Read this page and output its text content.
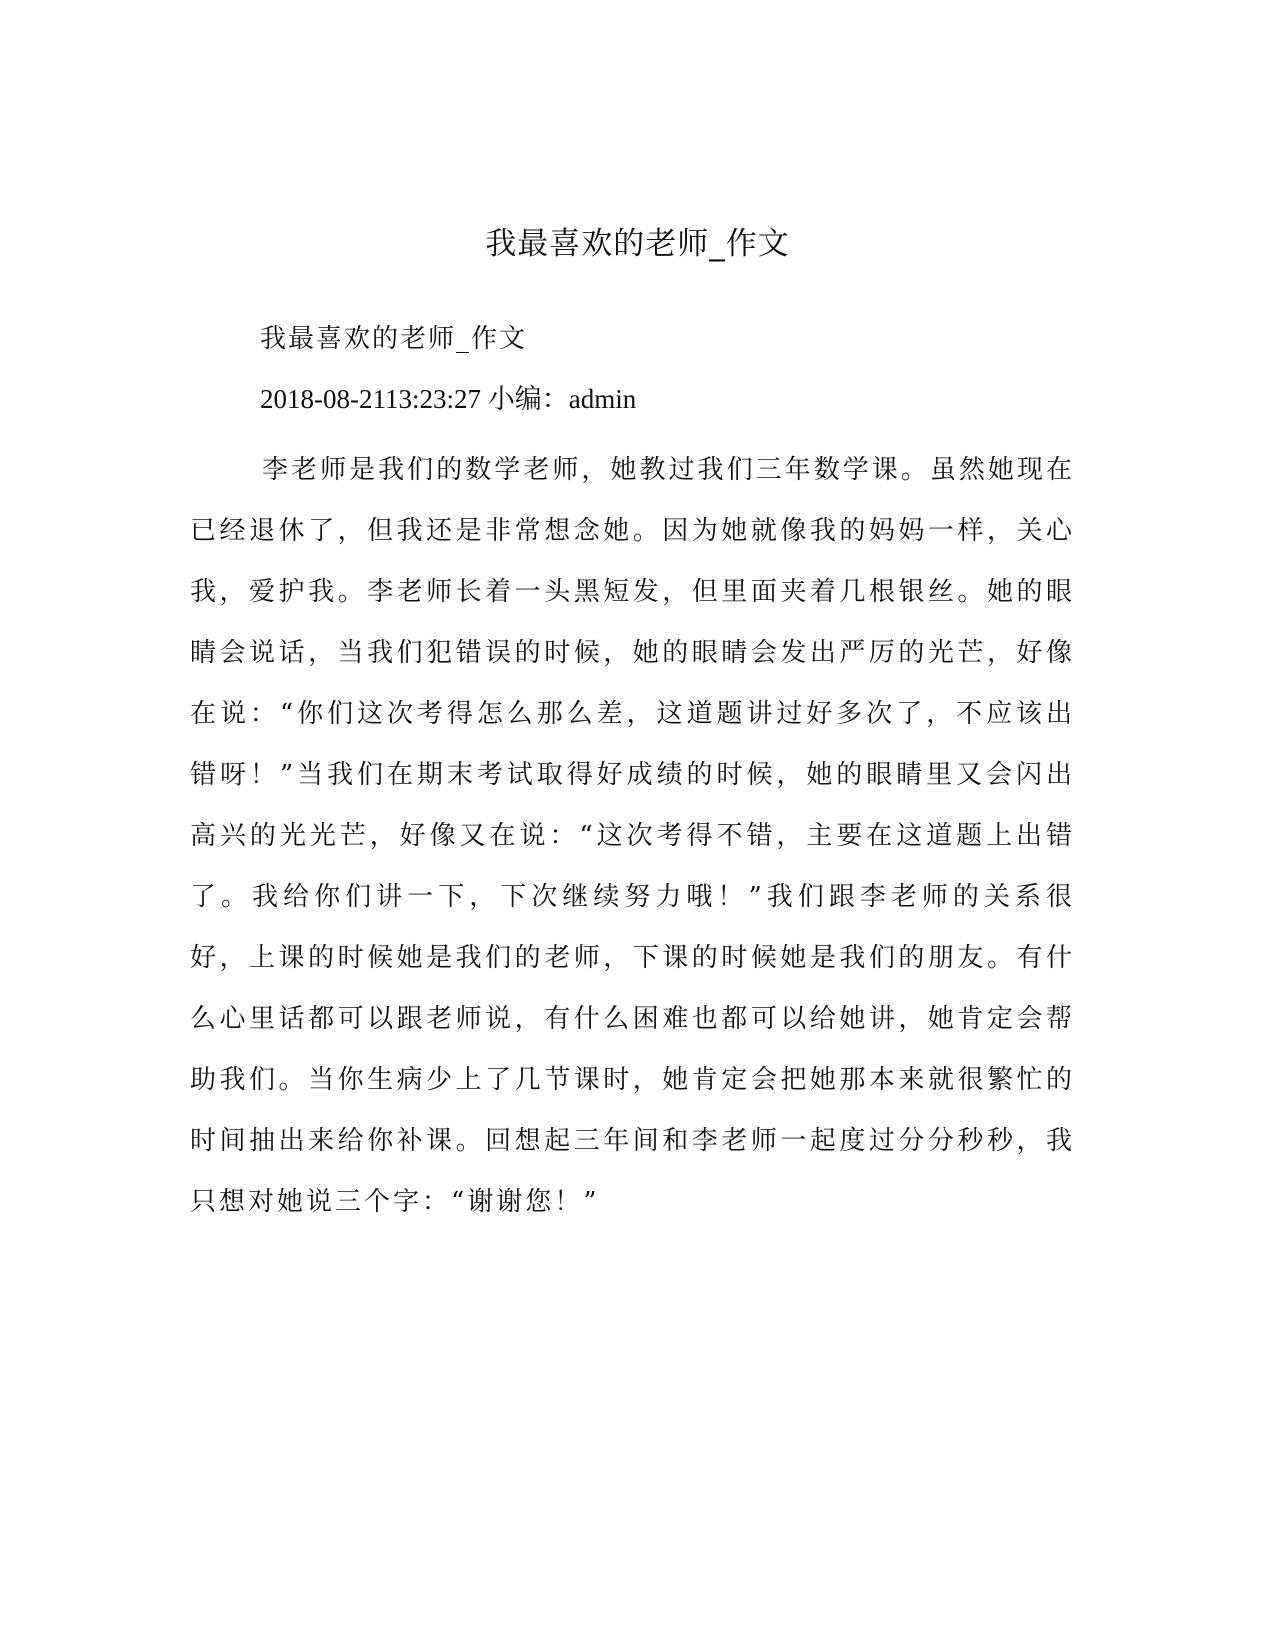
我最喜欢的老师_作文

我最喜欢的老师_作文

2018-08-2113:23:27 小编：admin

李老师是我们的数学老师，她教过我们三年数学课。虽然她现在已经退休了，但我还是非常想念她。因为她就像我的妈妈一样，关心我，爱护我。李老师长着一头黑短发，但里面夹着几根银丝。她的眼睛会说话，当我们犯错误的时候，她的眼睛会发出严厉的光芒，好像在说：“你们这次考得怎么那么差，这道题讲过好多次了，不应该出错呀！”当我们在期末考试取得好成绩的时候，她的眼睛里又会闪出高兴的光光芒，好像又在说：“这次考得不错，主要在这道题上出错了。我给你们讲一下，下次继续努力哦！”我们跟李老师的关系很好，上课的时候她是我们的老师，下课的时候她是我们的朋友。有什么心里话都可以跟老师说，有什么困难也都可以给她讲，她肯定会帮助我们。当你生病少上了几节课时，她肯定会把她那本来就很繁忙的时间抽出来给你补课。回想起三年间和李老师一起度过分分秒秒，我只想对她说三个字：“谢谢您！”
